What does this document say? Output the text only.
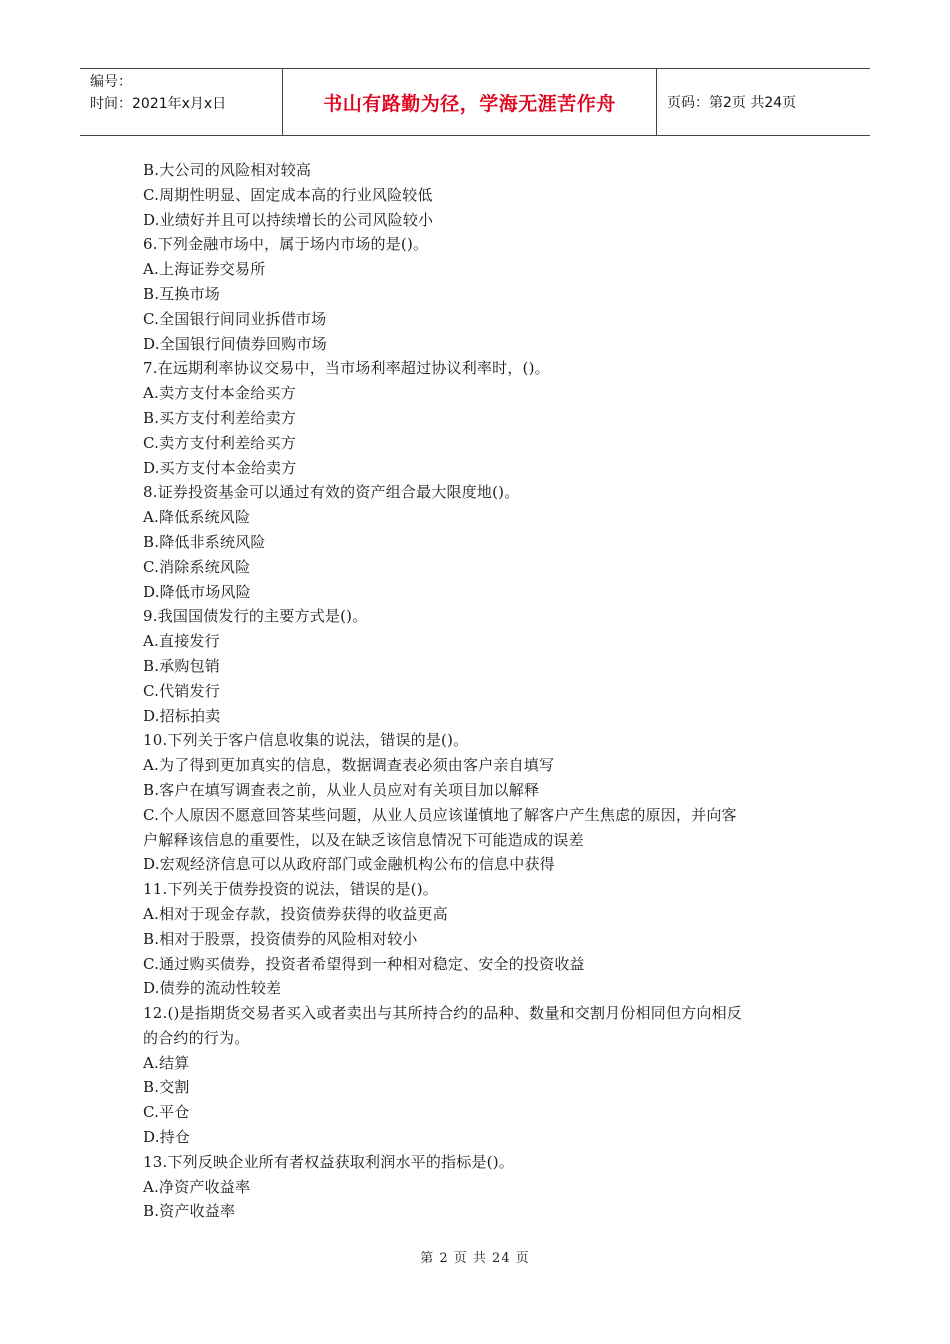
编号：
时间：2021年x月x日	书山有路勤为径，学海无涯苦作舟	页码：第2页 共24页
B.大公司的风险相对较高
C.周期性明显、固定成本高的行业风险较低
D.业绩好并且可以持续增长的公司风险较小
6.下列金融市场中，属于场内市场的是()。
A.上海证券交易所
B.互换市场
C.全国银行间同业拆借市场
D.全国银行间债券回购市场
7.在远期利率协议交易中，当市场利率超过协议利率时，()。
A.卖方支付本金给买方
B.买方支付利差给卖方
C.卖方支付利差给买方
D.买方支付本金给卖方
8.证券投资基金可以通过有效的资产组合最大限度地()。
A.降低系统风险
B.降低非系统风险
C.消除系统风险
D.降低市场风险
9.我国国债发行的主要方式是()。
A.直接发行
B.承购包销
C.代销发行
D.招标拍卖
10.下列关于客户信息收集的说法，错误的是()。
A.为了得到更加真实的信息，数据调查表必须由客户亲自填写
B.客户在填写调查表之前，从业人员应对有关项目加以解释
C.个人原因不愿意回答某些问题，从业人员应该谨慎地了解客户产生焦虑的原因，并向客
户解释该信息的重要性，以及在缺乏该信息情况下可能造成的误差
D.宏观经济信息可以从政府部门或金融机构公布的信息中获得
11.下列关于债券投资的说法，错误的是()。
A.相对于现金存款，投资债券获得的收益更高
B.相对于股票，投资债券的风险相对较小
C.通过购买债券，投资者希望得到一种相对稳定、安全的投资收益
D.债券的流动性较差
12.()是指期货交易者买入或者卖出与其所持合约的品种、数量和交割月份相同但方向相反
的合约的行为。
A.结算
B.交割
C.平仓
D.持仓
13.下列反映企业所有者权益获取利润水平的指标是()。
A.净资产收益率
B.资产收益率
第 2 页 共 24 页
